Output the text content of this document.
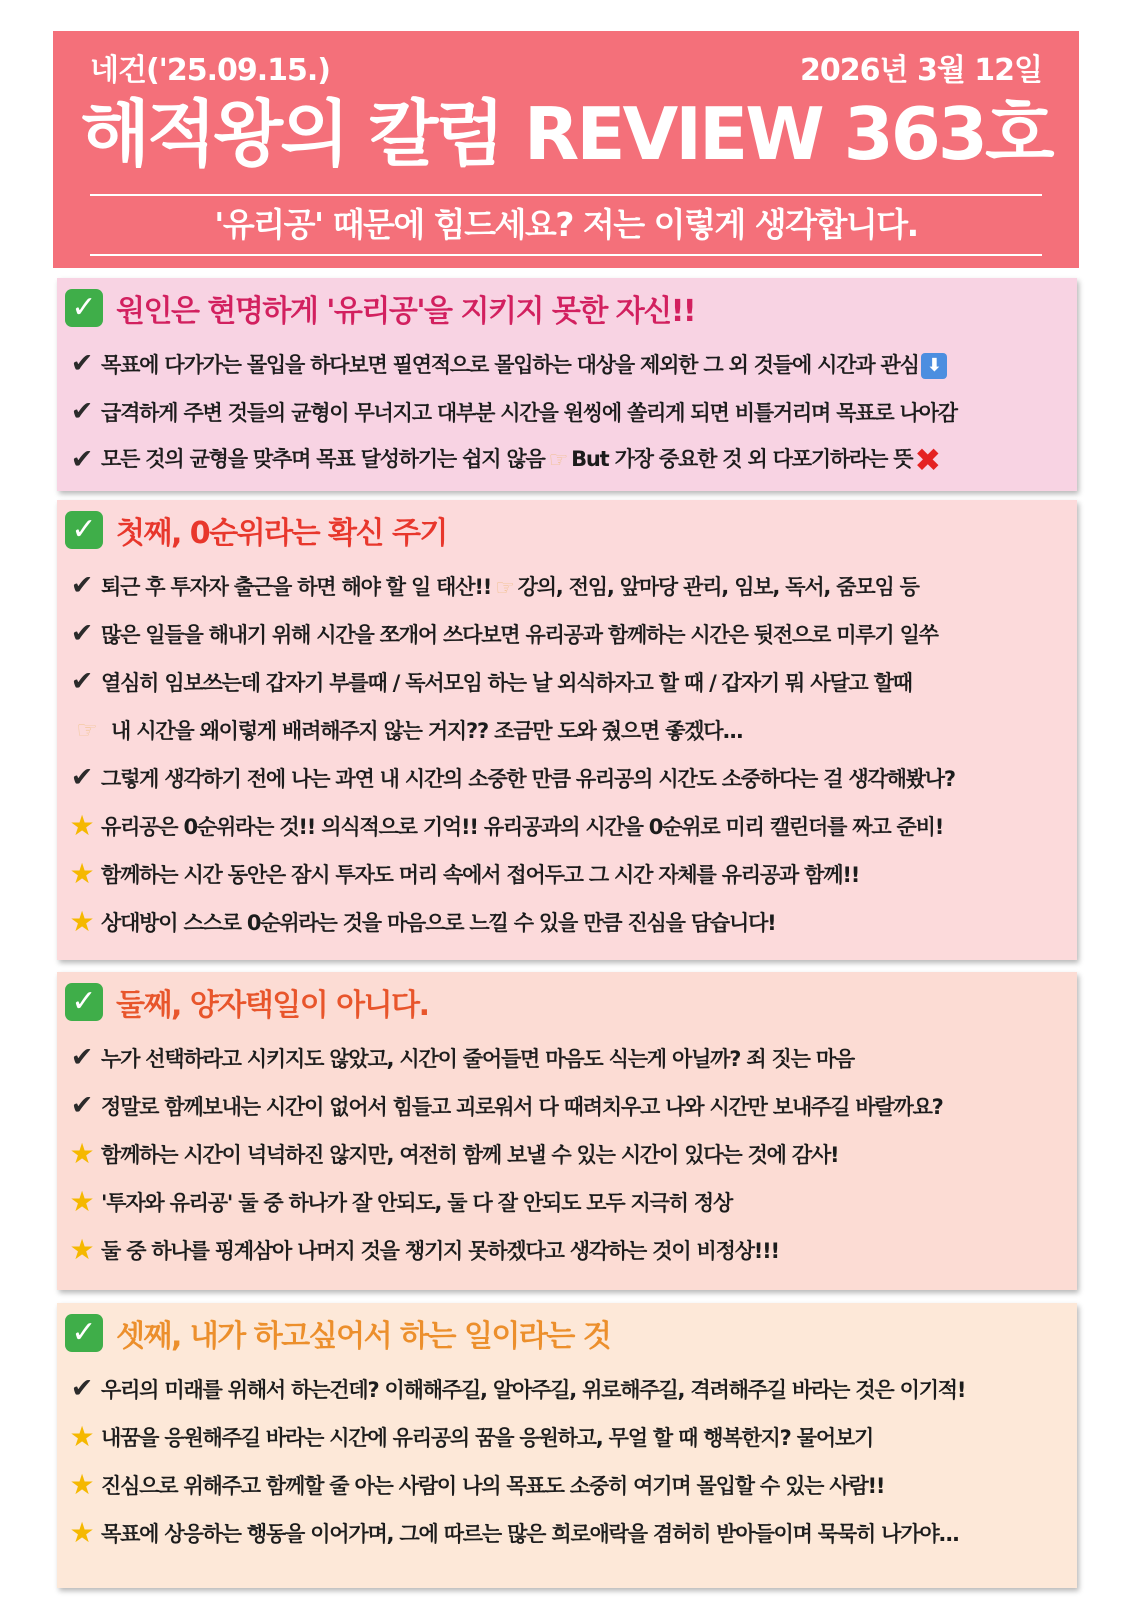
네건('25.09.15.)	2026년 3월 12일
해적왕의 칼럼 REVIEW 363호
'유리공' 때문에 힘드세요? 저는 이렇게 생각합니다.
✓ 원인은 현명하게 '유리공'을 지키지 못한 자신!!
✔ 목표에 다가가는 몰입을 하다보면 필연적으로 몰입하는 대상을 제외한 그 외 것들에 시간과 관심 ⬇
✔ 급격하게 주변 것들의 균형이 무너지고 대부분 시간을 원씽에 쏠리게 되면 비틀거리며 목표로 나아감
✔ 모든 것의 균형을 맞추며 목표 달성하기는 쉽지 않음 ☞ But 가장 중요한 것 외 다포기하라는 뜻✖
✓ 첫째, 0순위라는 확신 주기
✔ 퇴근 후 투자자 출근을 하면 해야 할 일 태산!! ☞ 강의, 전임, 앞마당 관리, 임보, 독서, 줌모임 등
✔ 많은 일들을 해내기 위해 시간을 쪼개어 쓰다보면 유리공과 함께하는 시간은 뒷전으로 미루기 일쑤
✔ 열심히 임보쓰는데 갑자기 부를때 / 독서모임 하는 날 외식하자고 할 때 / 갑자기 뭐 사달고 할때
☞ 내 시간을 왜이렇게 배려해주지 않는 거지?? 조금만 도와 줬으면 좋겠다...
✔ 그렇게 생각하기 전에 나는 과연 내 시간의 소중한 만큼 유리공의 시간도 소중하다는 걸 생각해봤나?
★ 유리공은 0순위라는 것!! 의식적으로 기억!! 유리공과의 시간을 0순위로 미리 캘린더를 짜고 준비!
★ 함께하는 시간 동안은 잠시 투자도 머리 속에서 접어두고 그 시간 자체를 유리공과 함께!!
★ 상대방이 스스로 0순위라는 것을 마음으로 느낄 수 있을 만큼 진심을 담습니다!
✓ 둘째, 양자택일이 아니다.
✔ 누가 선택하라고 시키지도 않았고, 시간이 줄어들면 마음도 식는게 아닐까? 죄 짓는 마음
✔ 정말로 함께보내는 시간이 없어서 힘들고 괴로워서 다 때려치우고 나와 시간만 보내주길 바랄까요?
★ 함께하는 시간이 넉넉하진 않지만, 여전히 함께 보낼 수 있는 시간이 있다는 것에 감사!
★ '투자와 유리공' 둘 중 하나가 잘 안되도, 둘 다 잘 안되도 모두 지극히 정상
★ 둘 중 하나를 핑계삼아 나머지 것을 챙기지 못하겠다고 생각하는 것이 비정상!!!
✓ 셋째, 내가 하고싶어서 하는 일이라는 것
✔ 우리의 미래를 위해서 하는건데? 이해해주길, 알아주길, 위로해주길, 격려해주길 바라는 것은 이기적!
★ 내꿈을 응원해주길 바라는 시간에 유리공의 꿈을 응원하고, 무얼 할 때 행복한지? 물어보기
★ 진심으로 위해주고 함께할 줄 아는 사람이 나의 목표도 소중히 여기며 몰입할 수 있는 사람!!
★ 목표에 상응하는 행동을 이어가며, 그에 따르는 많은 희로애락을 겸허히 받아들이며 묵묵히 나가야...
